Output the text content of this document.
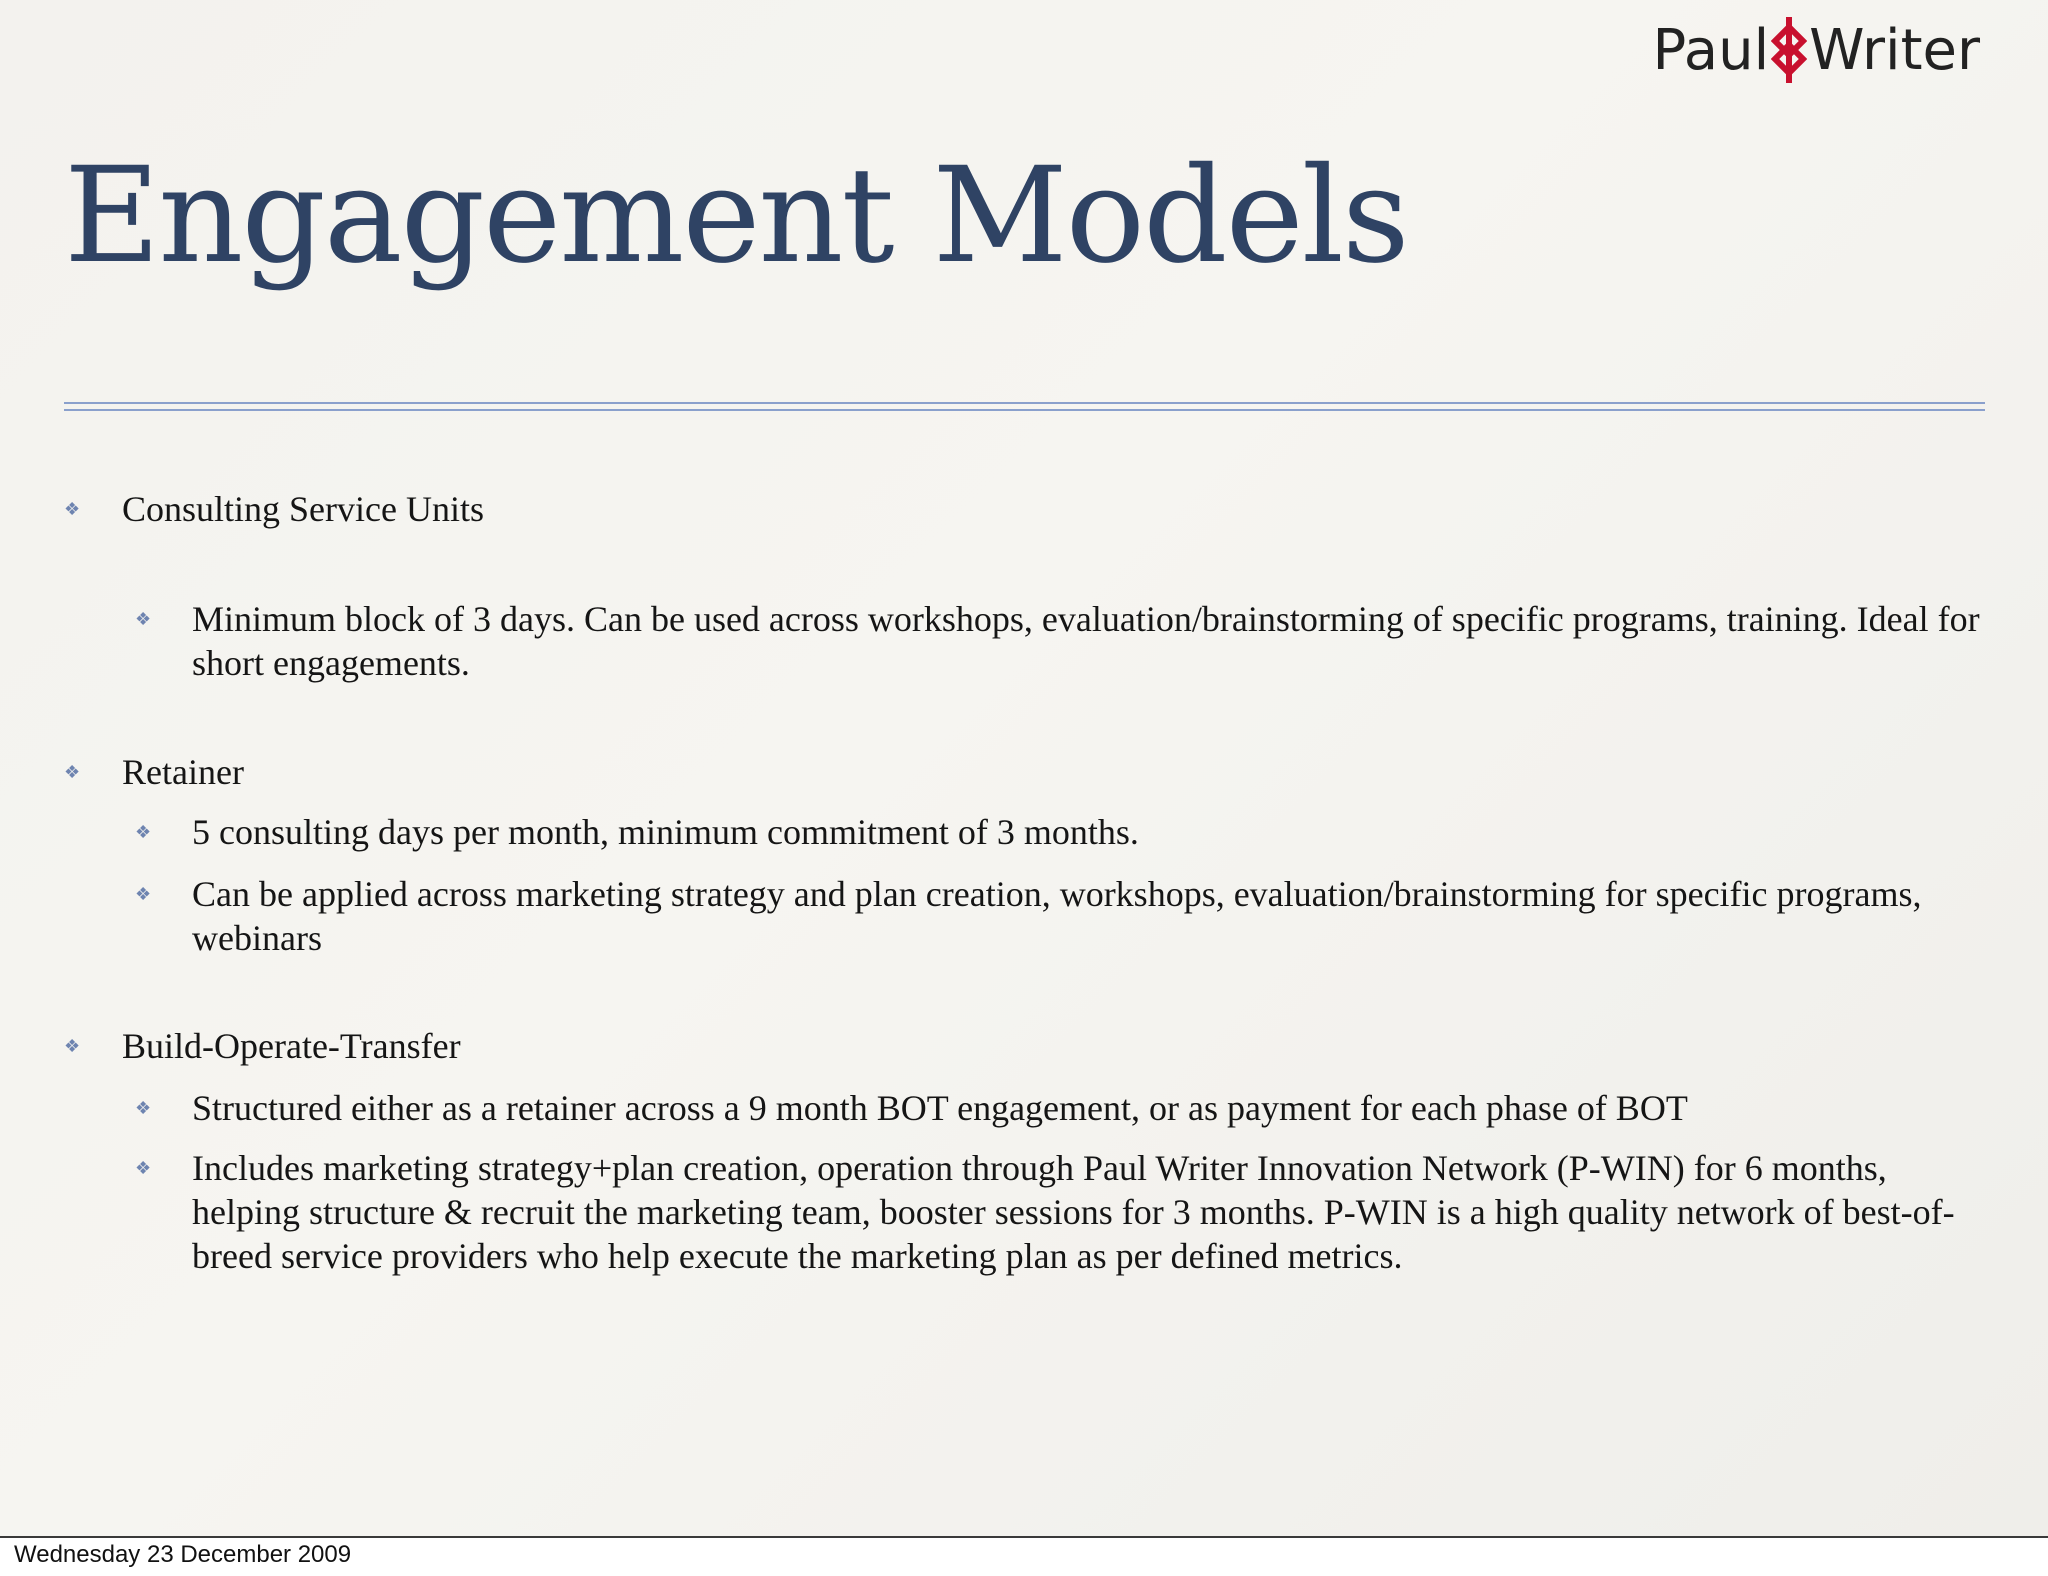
Paul Writer
Engagement Models
❖ Consulting Service Units
❖ Minimum block of 3 days. Can be used across workshops, evaluation/brainstorming of specific programs, training. Ideal for short engagements.
❖ Retainer
❖ 5 consulting days per month, minimum commitment of 3 months.
❖ Can be applied across marketing strategy and plan creation, workshops, evaluation/brainstorming for specific programs, webinars
❖ Build-Operate-Transfer
❖ Structured either as a retainer across a 9 month BOT engagement, or as payment for each phase of BOT
❖ Includes marketing strategy+plan creation, operation through Paul Writer Innovation Network (P-WIN) for 6 months, helping structure & recruit the marketing team, booster sessions for 3 months. P-WIN is a high quality network of best-of-breed service providers who help execute the marketing plan as per defined metrics.
Wednesday 23 December 2009
